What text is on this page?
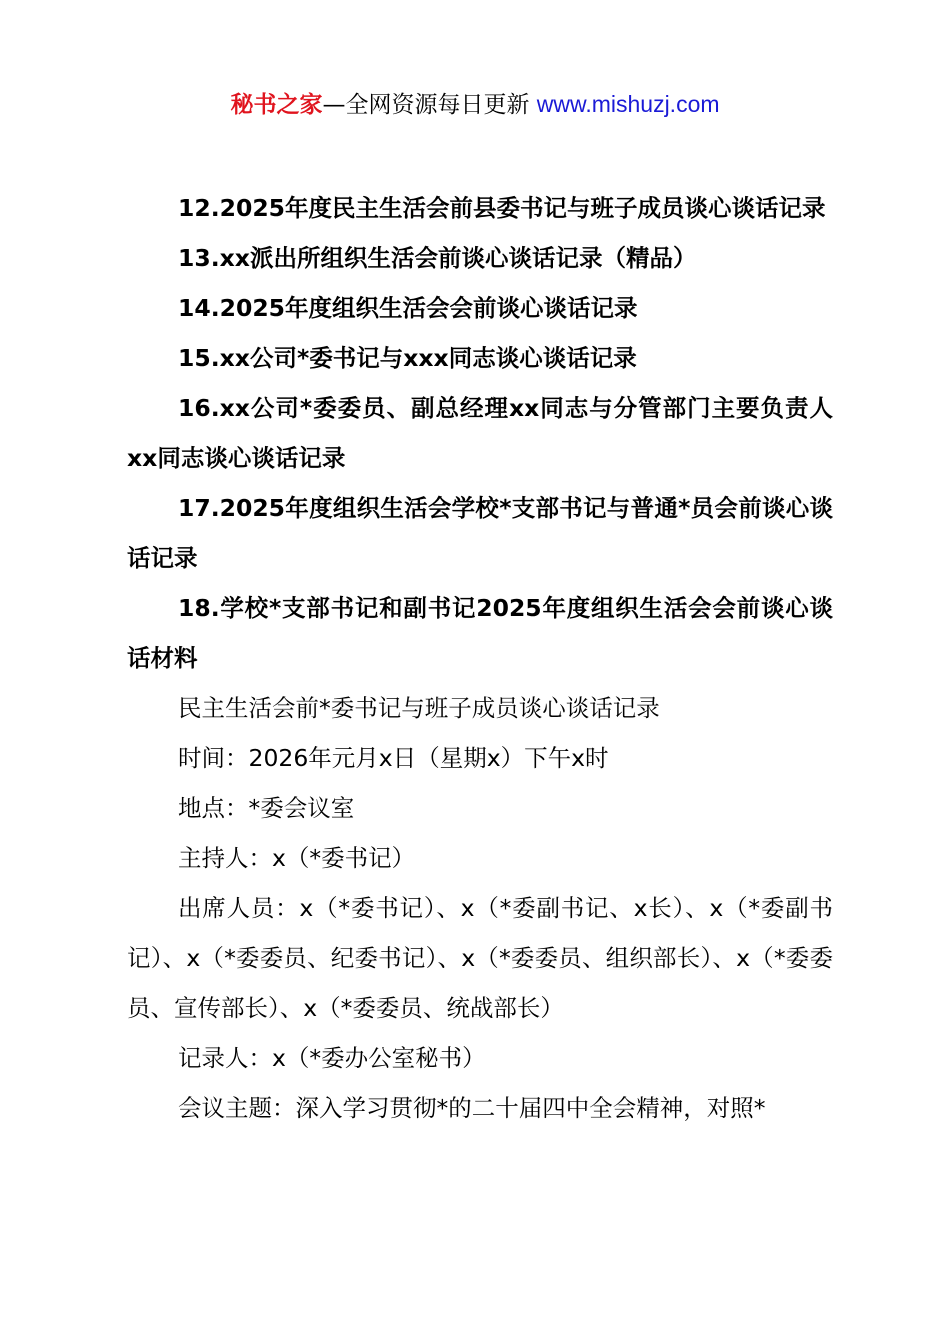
秘书之家—全网资源每日更新 www.mishuzj.com

12.2025年度民主生活会前县委书记与班子成员谈心谈话记录

13.xx派出所组织生活会前谈心谈话记录（精品）

14.2025年度组织生活会会前谈心谈话记录

15.xx公司*委书记与xxx同志谈心谈话记录

16.xx公司*委委员、副总经理xx同志与分管部门主要负责人xx同志谈心谈话记录

17.2025年度组织生活会学校*支部书记与普通*员会前谈心谈话记录

18.学校*支部书记和副书记2025年度组织生活会会前谈心谈话材料

民主生活会前*委书记与班子成员谈心谈话记录

时间：2026年元月x日（星期x）下午x时

地点：*委会议室

主持人：x（*委书记）

出席人员：x（*委书记）、x（*委副书记、x长）、x（*委副书记）、x（*委委员、纪委书记）、x（*委委员、组织部长）、x（*委委员、宣传部长）、x（*委委员、统战部长）

记录人：x（*委办公室秘书）

会议主题：深入学习贯彻*的二十届四中全会精神，对照*
